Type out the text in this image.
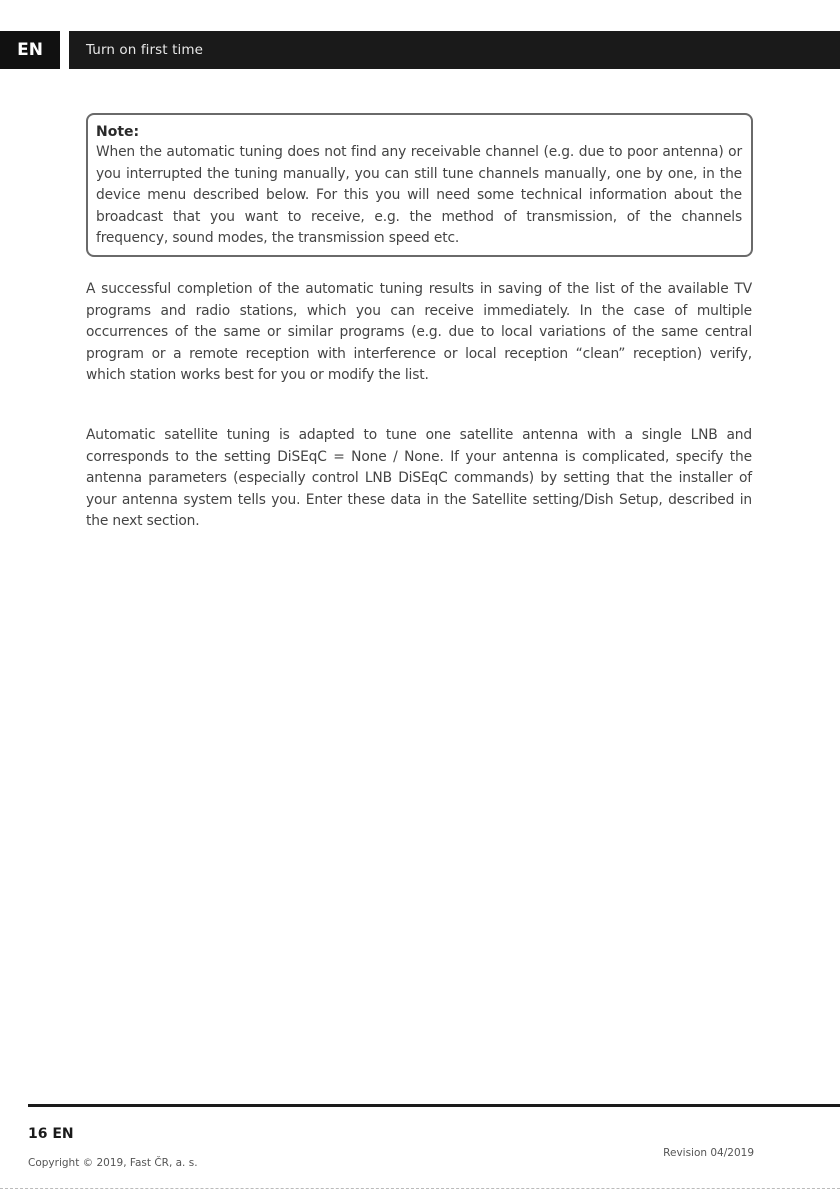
EN	Turn on first time
Note:
When the automatic tuning does not find any receivable channel (e.g. due to poor antenna) or you interrupted the tuning manually, you can still tune channels manually, one by one, in the device menu described below. For this you will need some technical information about the broadcast that you want to receive, e.g. the method of transmission, of the channels frequency, sound modes, the transmission speed etc.

A successful completion of the automatic tuning results in saving of the list of the available TV programs and radio stations, which you can receive immediately. In the case of multiple occurrences of the same or similar programs (e.g. due to local variations of the same central program or a remote reception with interference or local reception “clean” reception) verify, which station works best for you or modify the list.

Automatic satellite tuning is adapted to tune one satellite antenna with a single LNB and corresponds to the setting DiSEqC = None / None. If your antenna is complicated, specify the antenna parameters (especially control LNB DiSEqC commands) by setting that the installer of your antenna system tells you. Enter these data in the Satellite setting/Dish Setup, described in the next section.

16 EN
Copyright © 2019, Fast ČR, a. s.
Revision 04/2019
